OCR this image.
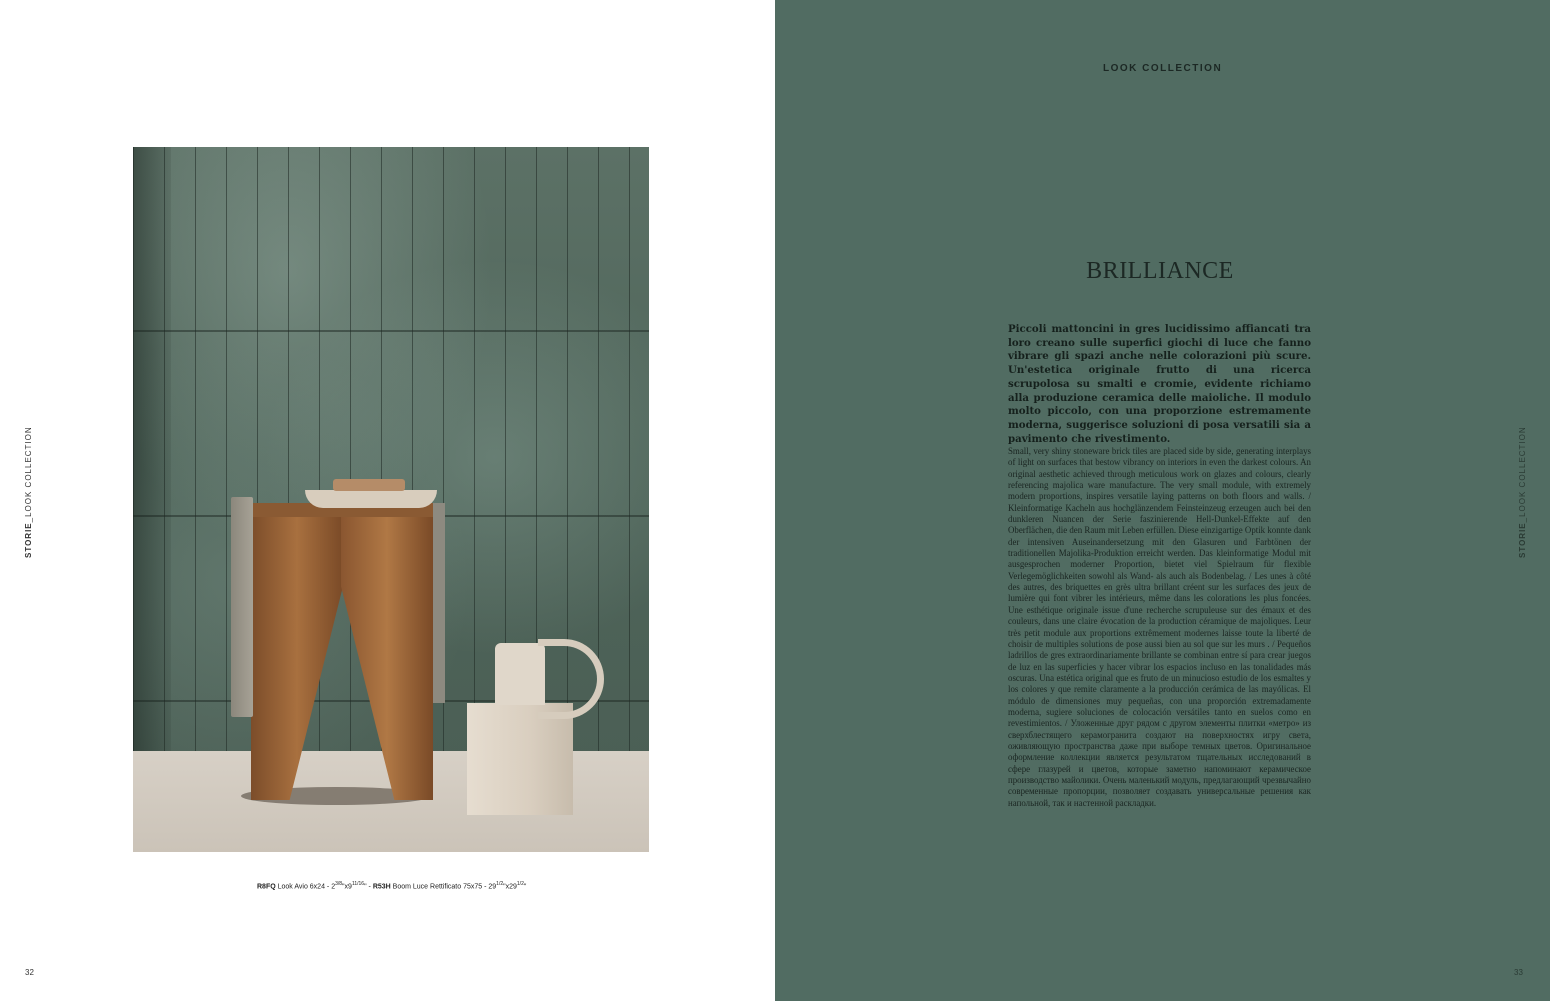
R8FQ Look Avio $6x24 - 2^{3/8}"x9^{11/16}$" - R53H Boom Luce Rettificato $75x75 - 29^{1/2}"x29^{1/2}$"
STORIE_LOOK COLLECTION
32
LOOK COLLECTION
BRILLIANCE
Piccoli mattoncini in gres lucidissimo affiancati tra loro creano sulle superfici giochi di luce che fanno vibrare gli spazi anche nelle colorazioni più scure. Un'estetica originale frutto di una ricerca scrupolosa su smalti e cromie, evidente richiamo alla produzione ceramica delle maioliche. Il modulo molto piccolo, con una proporzione estremamente moderna, suggerisce soluzioni di posa versatili sia a pavimento che rivestimento.
Small, very shiny stoneware brick tiles are placed side by side, generating interplays of light on surfaces that bestow vibrancy on interiors in even the darkest colours. An original aesthetic achieved through meticulous work on glazes and colours, clearly referencing majolica ware manufacture. The very small module, with extremely modern proportions, inspires versatile laying patterns on both floors and walls. / Kleinformatige Kacheln aus hochglänzendem Feinsteinzeug erzeugen auch bei den dunkleren Nuancen der Serie faszinierende Hell-Dunkel-Effekte auf den Oberflächen, die den Raum mit Leben erfüllen. Diese einzigartige Optik konnte dank der intensiven Auseinandersetzung mit den Glasuren und Farbtönen der traditionellen Majolika-Produktion erreicht werden. Das kleinformatige Modul mit ausgesprochen moderner Proportion, bietet viel Spielraum für flexible Verlegemöglichkeiten sowohl als Wand- als auch als Bodenbelag. / Les unes à côté des autres, des briquettes en grès ultra brillant créent sur les surfaces des jeux de lumière qui font vibrer les intérieurs, même dans les colorations les plus foncées. Une esthétique originale issue d'une recherche scrupuleuse sur des émaux et des couleurs, dans une claire évocation de la production céramique de majoliques. Leur très petit module aux proportions extrêmement modernes laisse toute la liberté de choisir de multiples solutions de pose aussi bien au sol que sur les murs . / Pequeños ladrillos de gres extraordinariamente brillante se combinan entre sí para crear juegos de luz en las superficies y hacer vibrar los espacios incluso en las tonalidades más oscuras. Una estética original que es fruto de un minucioso estudio de los esmaltes y los colores y que remite claramente a la producción cerámica de las mayólicas. El módulo de dimensiones muy pequeñas, con una proporción extremadamente moderna, sugiere soluciones de colocación versátiles tanto en suelos como en revestimientos. / Уложенные друг рядом с другом элементы плитки «метро» из сверхблестящего керамогранита создают на поверхностях игру света, оживляющую пространства даже при выборе темных цветов. Оригинальное оформление коллекции является результатом тщательных исследований в сфере глазурей и цветов, которые заметно напоминают керамическое производство майолики. Очень маленький модуль, предлагающий чрезвычайно современные пропорции, позволяет создавать универсальные решения как напольной, так и настенной раскладки.
STORIE_LOOK COLLECTION
33
